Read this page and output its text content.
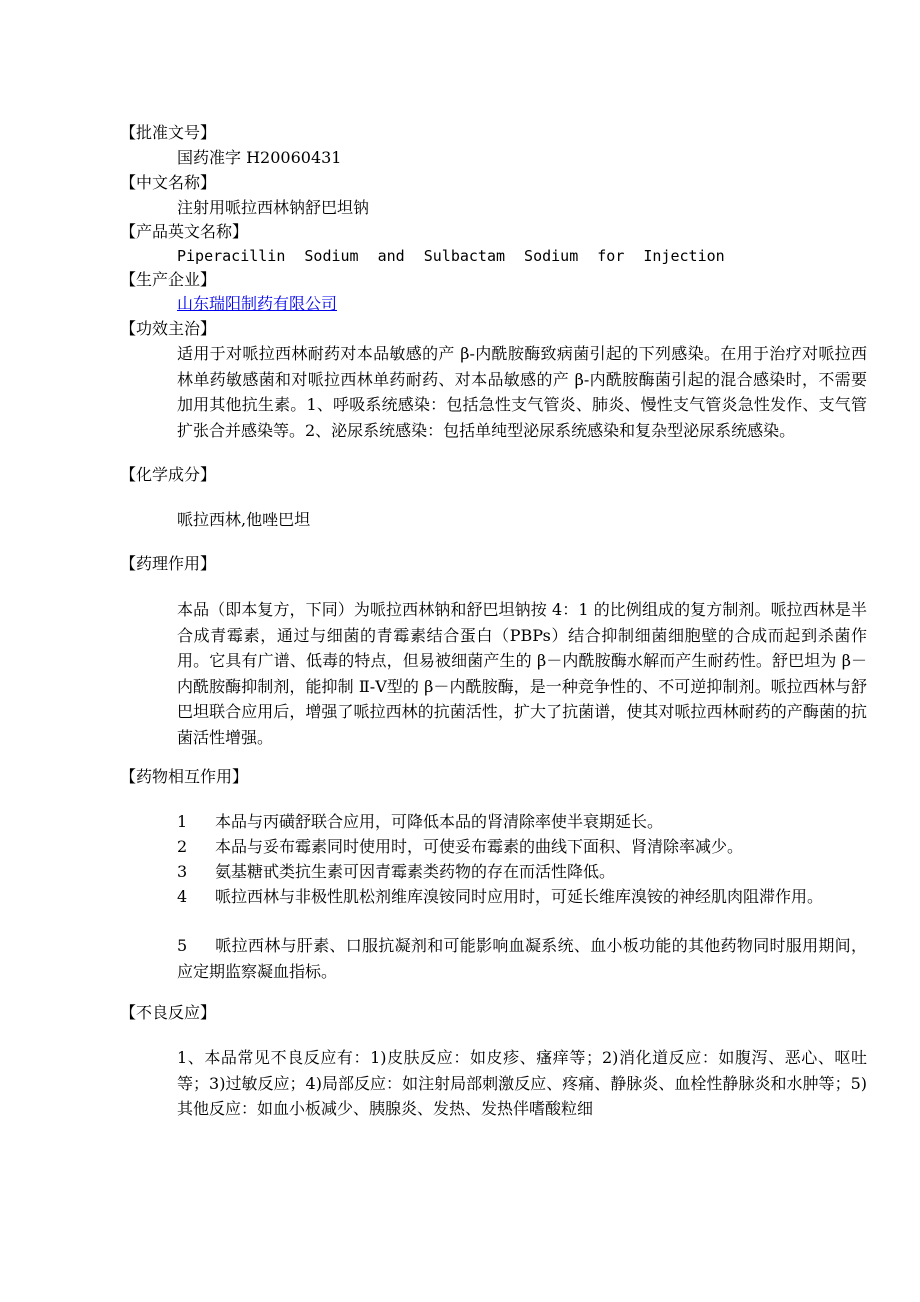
【批准文号】
国药准字 H20060431
【中文名称】
注射用哌拉西林钠舒巴坦钠
【产品英文名称】
Piperacillin Sodium and Sulbactam Sodium for Injection
【生产企业】
山东瑞阳制药有限公司
【功效主治】
适用于对哌拉西林耐药对本品敏感的产 β-内酰胺酶致病菌引起的下列感染。在用于治疗对哌拉西林单药敏感菌和对哌拉西林单药耐药、对本品敏感的产 β-内酰胺酶菌引起的混合感染时，不需要加用其他抗生素。1、呼吸系统感染：包括急性支气管炎、肺炎、慢性支气管炎急性发作、支气管扩张合并感染等。2、泌尿系统感染：包括单纯型泌尿系统感染和复杂型泌尿系统感染。
【化学成分】
哌拉西林,他唑巴坦
【药理作用】
本品（即本复方，下同）为哌拉西林钠和舒巴坦钠按 4：1 的比例组成的复方制剂。哌拉西林是半合成青霉素，通过与细菌的青霉素结合蛋白（PBPs）结合抑制细菌细胞壁的合成而起到杀菌作用。它具有广谱、低毒的特点，但易被细菌产生的 β－内酰胺酶水解而产生耐药性。舒巴坦为 β－内酰胺酶抑制剂，能抑制 Ⅱ-Ⅴ型的 β－内酰胺酶，是一种竞争性的、不可逆抑制剂。哌拉西林与舒巴坦联合应用后，增强了哌拉西林的抗菌活性，扩大了抗菌谱，使其对哌拉西林耐药的产酶菌的抗菌活性增强。
【药物相互作用】
1 本品与丙磺舒联合应用，可降低本品的肾清除率使半衰期延长。
2 本品与妥布霉素同时使用时，可使妥布霉素的曲线下面积、肾清除率减少。
3 氨基糖甙类抗生素可因青霉素类药物的存在而活性降低。
4 哌拉西林与非极性肌松剂维库溴铵同时应用时，可延长维库溴铵的神经肌肉阻滞作用。
5 哌拉西林与肝素、口服抗凝剂和可能影响血凝系统、血小板功能的其他药物同时服用期间，应定期监察凝血指标。
【不良反应】
1、本品常见不良反应有：1)皮肤反应：如皮疹、瘙痒等；2)消化道反应：如腹泻、恶心、呕吐等；3)过敏反应；4)局部反应：如注射局部刺激反应、疼痛、静脉炎、血栓性静脉炎和水肿等；5)其他反应：如血小板减少、胰腺炎、发热、发热伴嗜酸粒细
